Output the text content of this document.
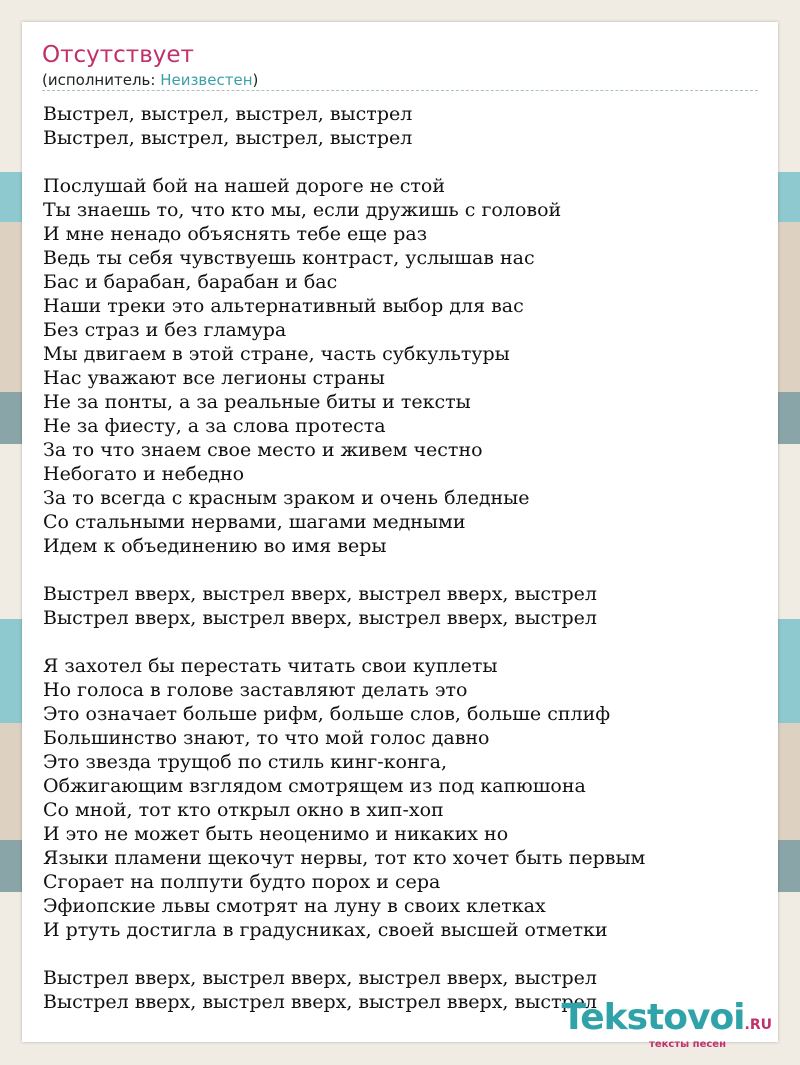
Отсутствует
(исполнитель: Неизвестен)
Выстрел, выстрел, выстрел, выстрел
Выстрел, выстрел, выстрел, выстрел
Послушай бой на нашей дороге не стой
Ты знаешь то, что кто мы, если дружишь с головой
И мне ненадо объяснять тебе еще раз
Ведь ты себя чувствуешь контраст, услышав нас
Бас и барабан, барабан и бас
Наши треки это альтернативный выбор для вас
Без страз и без гламура
Мы двигаем в этой стране, часть субкультуры
Нас уважают все легионы страны
Не за понты, а за реальные биты и тексты
Не за фиесту, а за слова протеста
За то что знаем свое место и живем честно
Небогато и небедно
За то всегда с красным зраком и очень бледные
Со стальными нервами, шагами медными
Идем к объединению во имя веры
Выстрел вверх, выстрел вверх, выстрел вверх, выстрел
Выстрел вверх, выстрел вверх, выстрел вверх, выстрел
Я захотел бы перестать читать свои куплеты
Но голоса в голове заставляют делать это
Это означает больше рифм, больше слов, больше сплиф
Большинство знают, то что мой голос давно
Это звезда трущоб по стиль кинг-конга,
Обжигающим взглядом смотрящем из под капюшона
Со мной, тот кто открыл окно в хип-хоп
И это не может быть неоценимо и никаких но
Языки пламени щекочут нервы, тот кто хочет быть первым
Сгорает на полпути будто порох и сера
Эфиопские львы смотрят на луну в своих клетках
И ртуть достигла в градусниках, своей высшей отметки
Выстрел вверх, выстрел вверх, выстрел вверх, выстрел
Выстрел вверх, выстрел вверх, выстрел вверх, выстрел
Tekstovoi.RU
тексты песен
